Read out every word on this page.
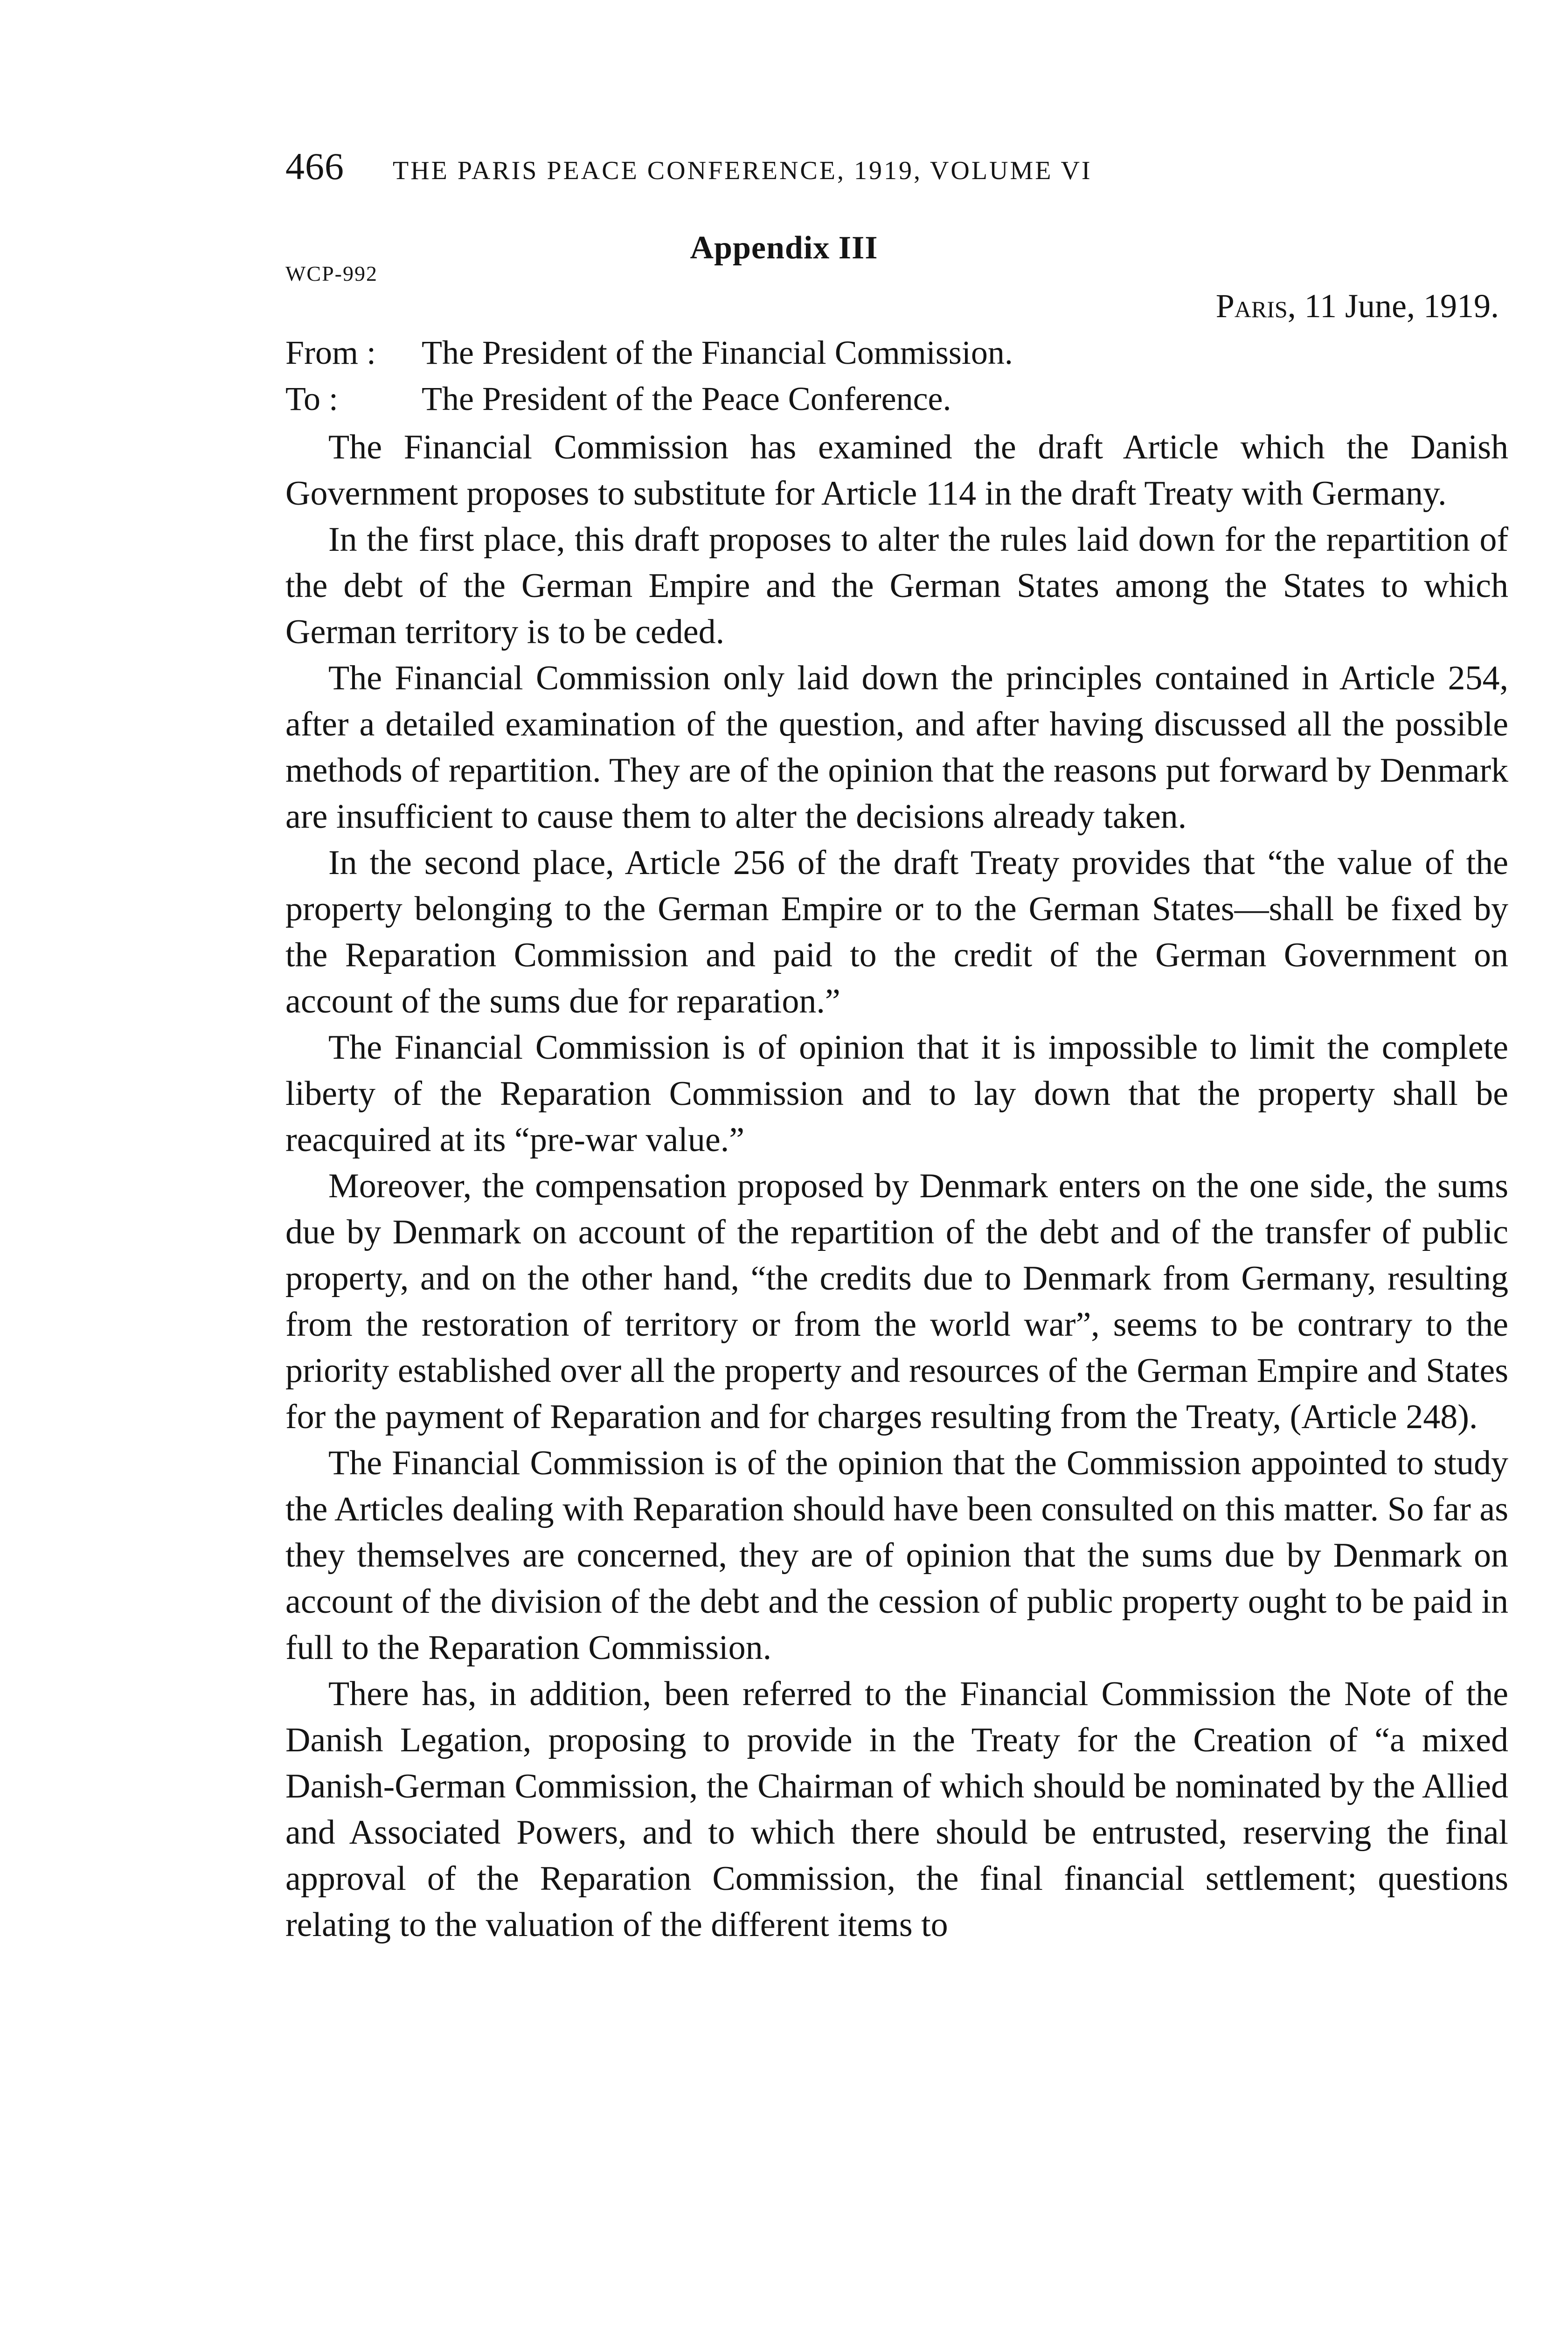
466 THE PARIS PEACE CONFERENCE, 1919, VOLUME VI
Appendix III
WCP-992
Paris, 11 June, 1919.
From : The President of the Financial Commission.
To : The President of the Peace Conference.

The Financial Commission has examined the draft Article which the Danish Government proposes to substitute for Article 114 in the draft Treaty with Germany.

In the first place, this draft proposes to alter the rules laid down for the repartition of the debt of the German Empire and the German States among the States to which German territory is to be ceded.

The Financial Commission only laid down the principles contained in Article 254, after a detailed examination of the question, and after having discussed all the possible methods of repartition. They are of the opinion that the reasons put forward by Denmark are insufficient to cause them to alter the decisions already taken.

In the second place, Article 256 of the draft Treaty provides that “the value of the property belonging to the German Empire or to the German States—shall be fixed by the Reparation Commission and paid to the credit of the German Government on account of the sums due for reparation.”

The Financial Commission is of opinion that it is impossible to limit the complete liberty of the Reparation Commission and to lay down that the property shall be reacquired at its “pre-war value.”

Moreover, the compensation proposed by Denmark enters on the one side, the sums due by Denmark on account of the repartition of the debt and of the transfer of public property, and on the other hand, “the credits due to Denmark from Germany, resulting from the restoration of territory or from the world war”, seems to be contrary to the priority established over all the property and resources of the German Empire and States for the payment of Reparation and for charges resulting from the Treaty, (Article 248).

The Financial Commission is of the opinion that the Commission appointed to study the Articles dealing with Reparation should have been consulted on this matter. So far as they themselves are concerned, they are of opinion that the sums due by Denmark on account of the division of the debt and the cession of public property ought to be paid in full to the Reparation Commission.

There has, in addition, been referred to the Financial Commission the Note of the Danish Legation, proposing to provide in the Treaty for the Creation of “a mixed Danish-German Commission, the Chairman of which should be nominated by the Allied and Associated Powers, and to which there should be entrusted, reserving the final approval of the Reparation Commission, the final financial settlement; questions relating to the valuation of the different items to
